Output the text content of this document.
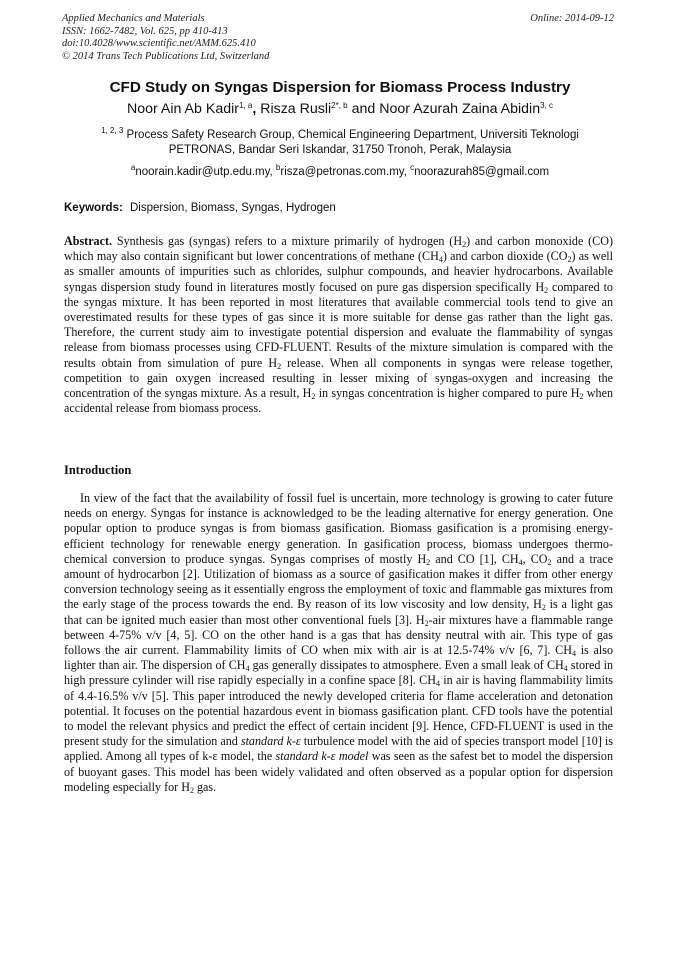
Applied Mechanics and Materials
ISSN: 1662-7482, Vol. 625, pp 410-413
doi:10.4028/www.scientific.net/AMM.625.410
© 2014 Trans Tech Publications Ltd, Switzerland
Online: 2014-09-12
CFD Study on Syngas Dispersion for Biomass Process Industry
Noor Ain Ab Kadir$^{1, a}$, Risza Rusli$^{2*, b}$ and Noor Azurah Zaina Abidin$^{3, c}$
$^{1, 2, 3}$ Process Safety Research Group, Chemical Engineering Department, Universiti Teknologi
PETRONAS, Bandar Seri Iskandar, 31750 Tronoh, Perak, Malaysia
$^a$noorain.kadir@utp.edu.my, $^b$risza@petronas.com.my, $^c$noorazurah85@gmail.com
Keywords: Dispersion, Biomass, Syngas, Hydrogen
Abstract. Synthesis gas (syngas) refers to a mixture primarily of hydrogen $(H_2)$ and carbon monoxide (CO) which may also contain significant but lower concentrations of methane $(CH_4)$ and carbon dioxide $(CO_2)$ as well as smaller amounts of impurities such as chlorides, sulphur compounds, and heavier hydrocarbons. Available syngas dispersion study found in literatures mostly focused on pure gas dispersion specifically $H_2$ compared to the syngas mixture. It has been reported in most literatures that available commercial tools tend to give an overestimated results for these types of gas since it is more suitable for dense gas rather than the light gas. Therefore, the current study aim to investigate potential dispersion and evaluate the flammability of syngas release from biomass processes using CFD-FLUENT. Results of the mixture simulation is compared with the results obtain from simulation of pure $H_2$ release. When all components in syngas were release together, competition to gain oxygen increased resulting in lesser mixing of syngas-oxygen and increasing the concentration of the syngas mixture. As a result, $H_2$ in syngas concentration is higher compared to pure $H_2$ when accidental release from biomass process.
Introduction
In view of the fact that the availability of fossil fuel is uncertain, more technology is growing to cater future needs on energy. Syngas for instance is acknowledged to be the leading alternative for energy generation. One popular option to produce syngas is from biomass gasification. Biomass gasification is a promising energy-efficient technology for renewable energy generation. In gasification process, biomass undergoes thermo-chemical conversion to produce syngas. Syngas comprises of mostly $H_2$ and CO [1], $CH_4$, $CO_2$ and a trace amount of hydrocarbon [2]. Utilization of biomass as a source of gasification makes it differ from other energy conversion technology seeing as it essentially engross the employment of toxic and flammable gas mixtures from the early stage of the process towards the end. By reason of its low viscosity and low density, $H_2$ is a light gas that can be ignited much easier than most other conventional fuels [3]. $H_2$-air mixtures have a flammable range between 4-75% v/v [4, 5]. CO on the other hand is a gas that has density neutral with air. This type of gas follows the air current. Flammability limits of CO when mix with air is at 12.5-74% v/v [6, 7]. $CH_4$ is also lighter than air. The dispersion of $CH_4$ gas generally dissipates to atmosphere. Even a small leak of $CH_4$ stored in high pressure cylinder will rise rapidly especially in a confine space [8]. $CH_4$ in air is having flammability limits of 4.4-16.5% v/v [5]. This paper introduced the newly developed criteria for flame acceleration and detonation potential. It focuses on the potential hazardous event in biomass gasification plant. CFD tools have the potential to model the relevant physics and predict the effect of certain incident [9]. Hence, CFD-FLUENT is used in the present study for the simulation and standard k-ε turbulence model with the aid of species transport model [10] is applied. Among all types of k-ε model, the standard k-ε model was seen as the safest bet to model the dispersion of buoyant gases. This model has been widely validated and often observed as a popular option for dispersion modeling especially for $H_2$ gas.
